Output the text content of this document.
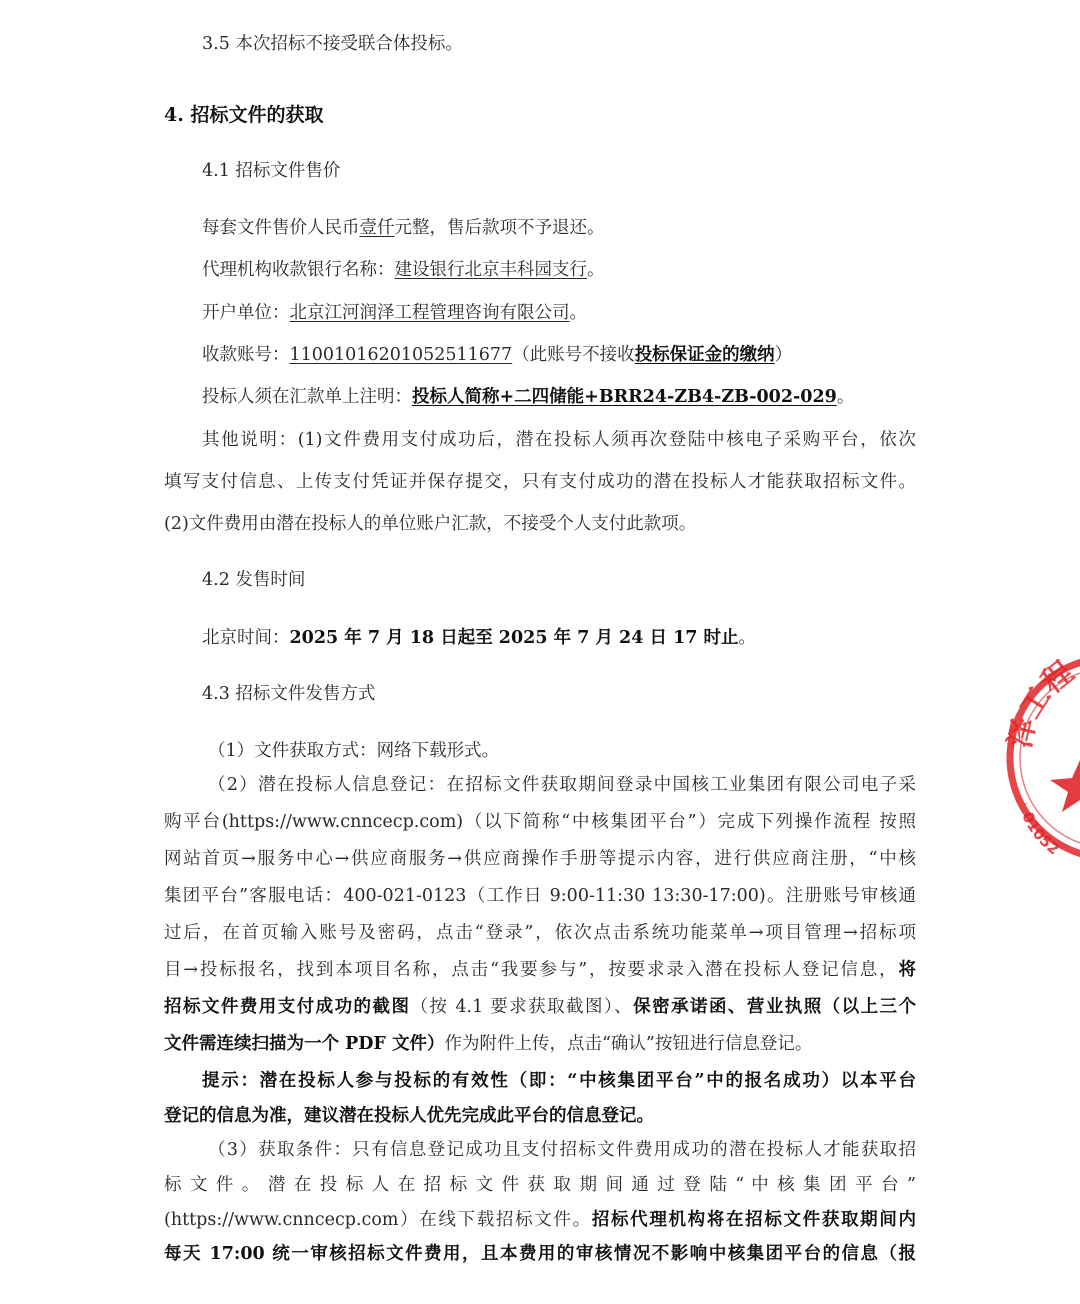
3.5 本次招标不接受联合体投标。
4. 招标文件的获取
4.1 招标文件售价
每套文件售价人民币壹仟元整，售后款项不予退还。
代理机构收款银行名称：建设银行北京丰科园支行。
开户单位：北京江河润泽工程管理咨询有限公司。
收款账号：11001016201052511677（此账号不接收投标保证金的缴纳）
投标人须在汇款单上注明：投标人简称+二四储能+BRR24-ZB4-ZB-002-029。
其他说明：(1)文件费用支付成功后，潜在投标人须再次登陆中核电子采购平台，依次
填写支付信息、上传支付凭证并保存提交，只有支付成功的潜在投标人才能获取招标文件。
(2)文件费用由潜在投标人的单位账户汇款，不接受个人支付此款项。
4.2 发售时间
北京时间：2025 年 7 月 18 日起至 2025 年 7 月 24 日 17 时止。
4.3 招标文件发售方式
（1）文件获取方式：网络下载形式。
（2）潜在投标人信息登记：在招标文件获取期间登录中国核工业集团有限公司电子采
购平台(https://www.cnncecp.com)（以下简称“中核集团平台”）完成下列操作流程 按照
网站首页→服务中心→供应商服务→供应商操作手册等提示内容，进行供应商注册，“中核
集团平台”客服电话：400-021-0123（工作日 9:00-11:30 13:30-17:00)。注册账号审核通
过后，在首页输入账号及密码，点击“登录”，依次点击系统功能菜单→项目管理→招标项
目→投标报名，找到本项目名称，点击“我要参与”，按要求录入潜在投标人登记信息，将
招标文件费用支付成功的截图（按 4.1 要求获取截图）、保密承诺函、营业执照（以上三个
文件需连续扫描为一个 PDF 文件）作为附件上传，点击“确认”按钮进行信息登记。
提示：潜在投标人参与投标的有效性（即：“中核集团平台”中的报名成功）以本平台
登记的信息为准，建议潜在投标人优先完成此平台的信息登记。
（3）获取条件：只有信息登记成功且支付招标文件费用成功的潜在投标人才能获取招
标 文 件 。 潜 在 投 标 人 在 招 标 文 件 获 取 期 间 通 过 登 陆 “ 中 核 集 团 平 台 ”
(https://www.cnncecp.com）在线下载招标文件。招标代理机构将在招标文件获取期间内
每天 17:00 统一审核招标文件费用，且本费用的审核情况不影响中核集团平台的信息（报
泽工程
01052
·
